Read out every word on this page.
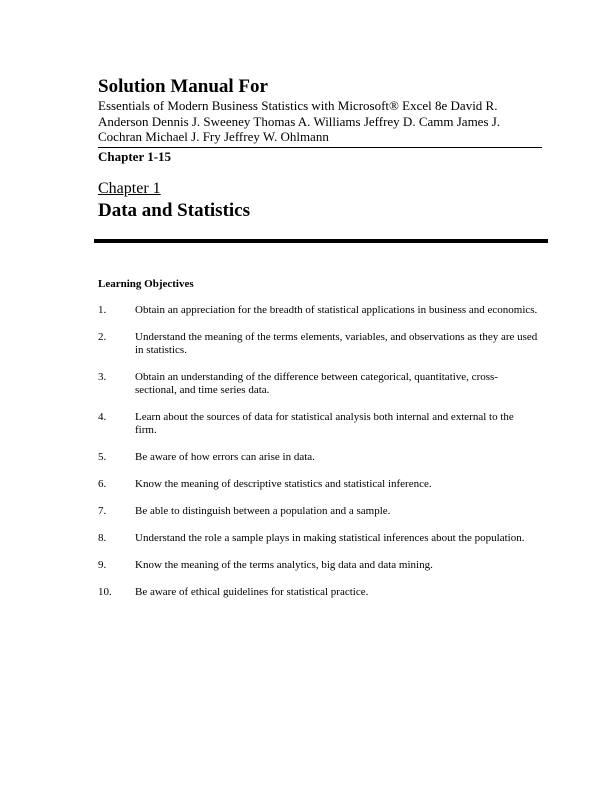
Solution Manual For

Essentials of Modern Business Statistics with Microsoft® Excel 8e David R. Anderson Dennis J. Sweeney Thomas A. Williams Jeffrey D. Camm James J. Cochran Michael J. Fry Jeffrey W. Ohlmann

Chapter 1-15
Chapter 1
Data and Statistics
Learning Objectives
1.	Obtain an appreciation for the breadth of statistical applications in business and economics.
2.	Understand the meaning of the terms elements, variables, and observations as they are used in statistics.
3.	Obtain an understanding of the difference between categorical, quantitative, cross-sectional, and time series data.
4.	Learn about the sources of data for statistical analysis both internal and external to the firm.
5.	Be aware of how errors can arise in data.
6.	Know the meaning of descriptive statistics and statistical inference.
7.	Be able to distinguish between a population and a sample.
8.	Understand the role a sample plays in making statistical inferences about the population.
9.	Know the meaning of the terms analytics, big data and data mining.
10.	Be aware of ethical guidelines for statistical practice.
